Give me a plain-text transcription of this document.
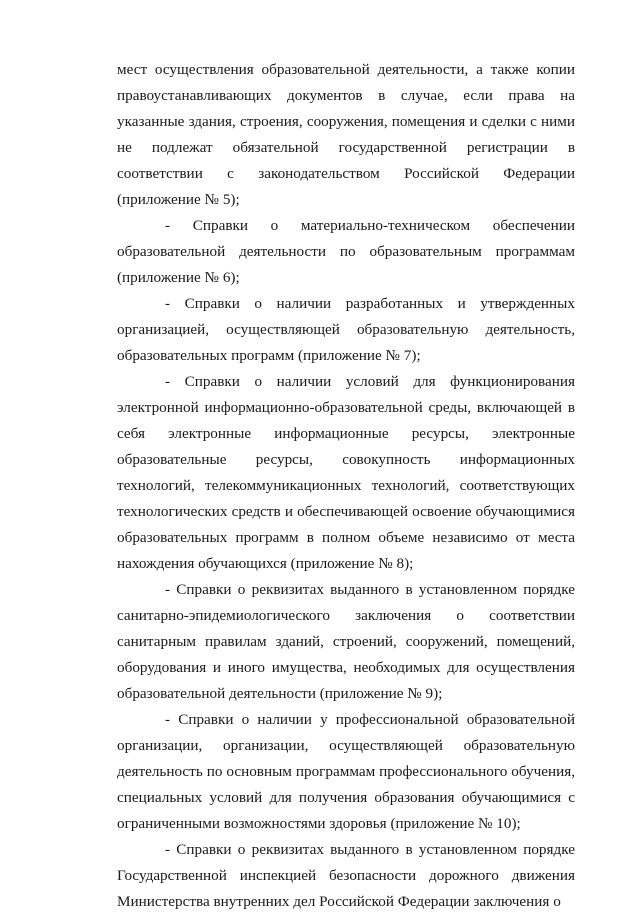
мест осуществления образовательной деятельности, а также копии правоустанавливающих документов в случае, если права на указанные здания, строения, сооружения, помещения и сделки с ними не подлежат обязательной государственной регистрации в соответствии с законодательством Российской Федерации (приложение № 5);

- Справки о материально-техническом обеспечении образовательной деятельности по образовательным программам (приложение № 6);

- Справки о наличии разработанных и утвержденных организацией, осуществляющей образовательную деятельность, образовательных программ (приложение № 7);

- Справки о наличии условий для функционирования электронной информационно-образовательной среды, включающей в себя электронные информационные ресурсы, электронные образовательные ресурсы, совокупность информационных технологий, телекоммуникационных технологий, соответствующих технологических средств и обеспечивающей освоение обучающимися образовательных программ в полном объеме независимо от места нахождения обучающихся (приложение № 8);

- Справки о реквизитах выданного в установленном порядке санитарно-эпидемиологического заключения о соответствии санитарным правилам зданий, строений, сооружений, помещений, оборудования и иного имущества, необходимых для осуществления образовательной деятельности (приложение № 9);

- Справки о наличии у профессиональной образовательной организации, организации, осуществляющей образовательную деятельность по основным программам профессионального обучения, специальных условий для получения образования обучающимися с ограниченными возможностями здоровья (приложение № 10);

- Справки о реквизитах выданного в установленном порядке Государственной инспекцией безопасности дорожного движения Министерства внутренних дел Российской Федерации заключения о
